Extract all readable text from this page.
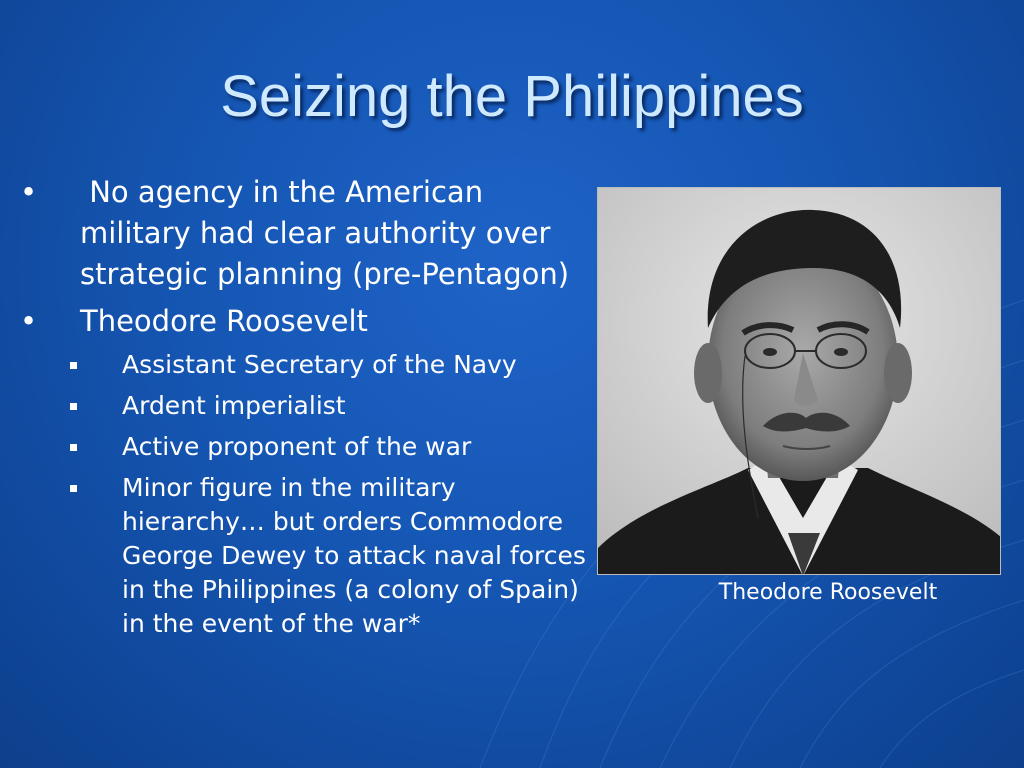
Seizing the Philippines
• No agency in the American military had clear authority over strategic planning (pre-Pentagon)
• Theodore Roosevelt
Assistant Secretary of the Navy
Ardent imperialist
Active proponent of the war
Minor figure in the military hierarchy… but orders Commodore George Dewey to attack naval forces in the Philippines (a colony of Spain) in the event of the war*
Theodore Roosevelt
